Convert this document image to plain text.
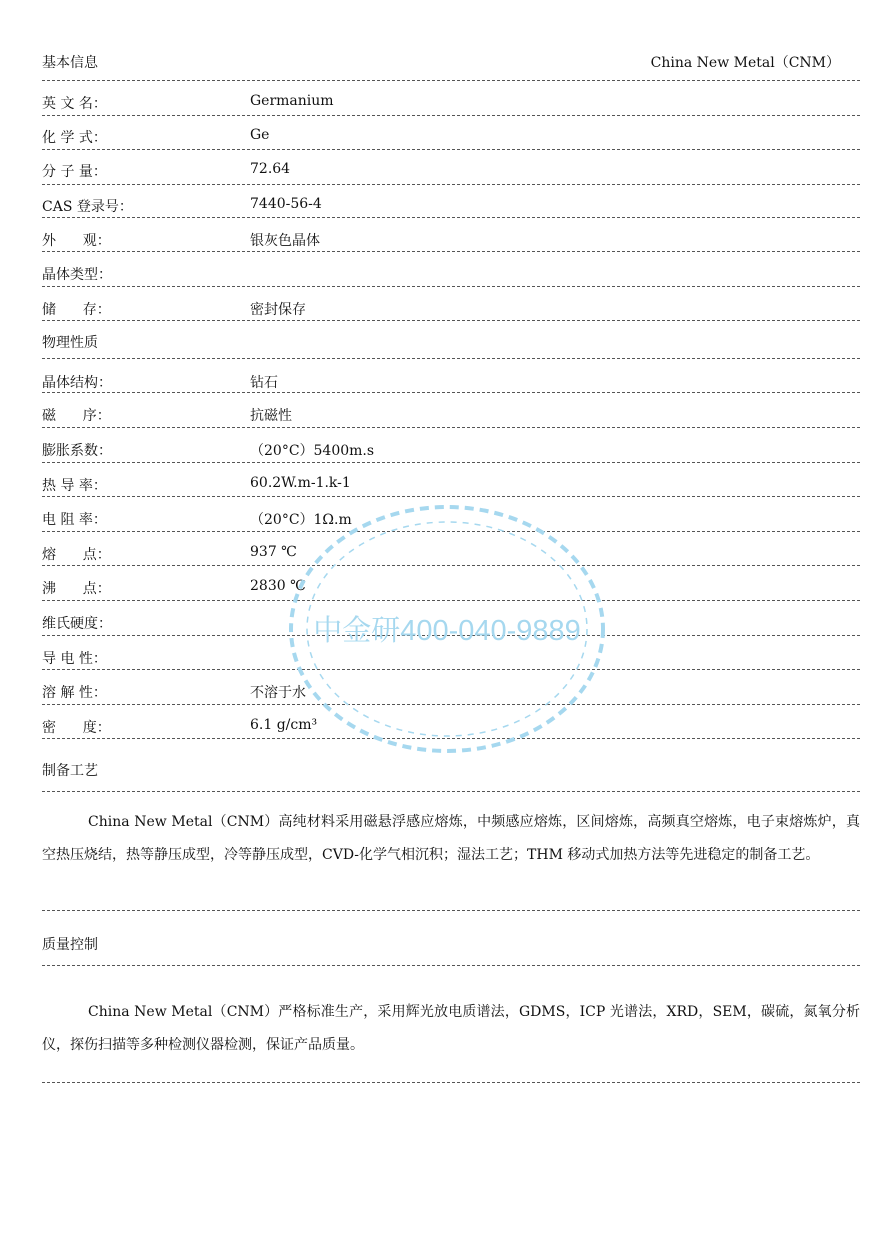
基本信息	China New Metal（CNM）
英 文 名：	Germanium
化 学 式：	Ge
分 子 量：	72.64
CAS 登录号：	7440-56-4
外      观：	银灰色晶体
晶体类型：
储      存：	密封保存
物理性质
晶体结构：	钻石
磁      序：	抗磁性
膨胀系数：	（20°C）5400m.s
热 导 率：	60.2W.m-1.k-1
电 阻 率：	（20°C）1Ω.m
熔      点：	937 ℃
沸      点：	2830 ℃
维氏硬度：
导 电 性：
溶 解 性：	不溶于水
密      度：	6.1 g/cm³
制备工艺
China New Metal（CNM）高纯材料采用磁悬浮感应熔炼，中频感应熔炼，区间熔炼，高频真空熔炼，电子束熔炼炉，真空热压烧结，热等静压成型，冷等静压成型，CVD-化学气相沉积；湿法工艺；THM 移动式加热方法等先进稳定的制备工艺。
质量控制
China New Metal（CNM）严格标准生产，采用辉光放电质谱法，GDMS，ICP 光谱法，XRD，SEM，碳硫，氮氧分析仪，探伤扫描等多种检测仪器检测，保证产品质量。
中金研400-040-9889
